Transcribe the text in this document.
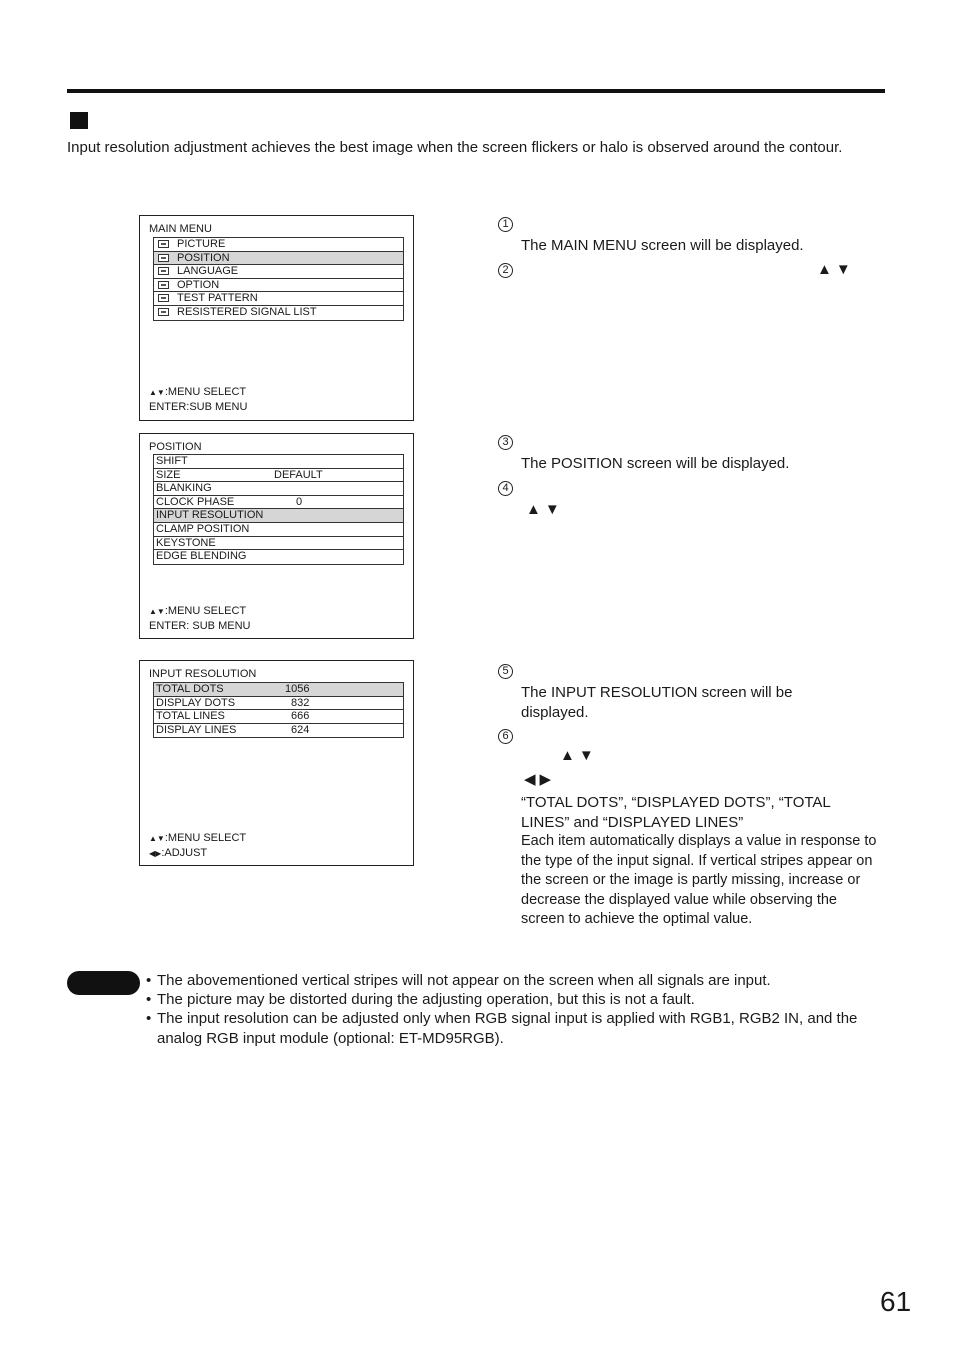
Input resolution adjustment achieves the best image when the screen flickers or halo is observed around the contour.
MAIN MENU
PICTURE
POSITION
LANGUAGE
OPTION
TEST PATTERN
RESISTERED SIGNAL LIST
▲▼:MENU SELECT
ENTER:SUB MENU
POSITION
SHIFT
SIZE	DEFAULT
BLANKING
CLOCK PHASE	0
INPUT RESOLUTION
CLAMP POSITION
KEYSTONE
EDGE BLENDING
▲▼:MENU SELECT
ENTER: SUB MENU
INPUT RESOLUTION
TOTAL DOTS	1056
DISPLAY DOTS	832
TOTAL LINES	666
DISPLAY LINES	624
▲▼:MENU SELECT
◀▶:ADJUST
1
The MAIN MENU screen will be displayed.
2	▲▼
3
The POSITION screen will be displayed.
4
▲▼
5
The INPUT RESOLUTION screen will be displayed.
6
▲▼
◀▶
“TOTAL DOTS”, “DISPLAYED DOTS”, “TOTAL LINES” and “DISPLAYED LINES”
Each item automatically displays a value in response to the type of the input signal. If vertical stripes appear on the screen or the image is partly missing, increase or decrease the displayed value while observing the screen to achieve the optimal value.
• The abovementioned vertical stripes will not appear on the screen when all signals are input.
• The picture may be distorted during the adjusting operation, but this is not a fault.
• The input resolution can be adjusted only when RGB signal input is applied with RGB1, RGB2 IN, and the analog RGB input module (optional: ET-MD95RGB).
61
